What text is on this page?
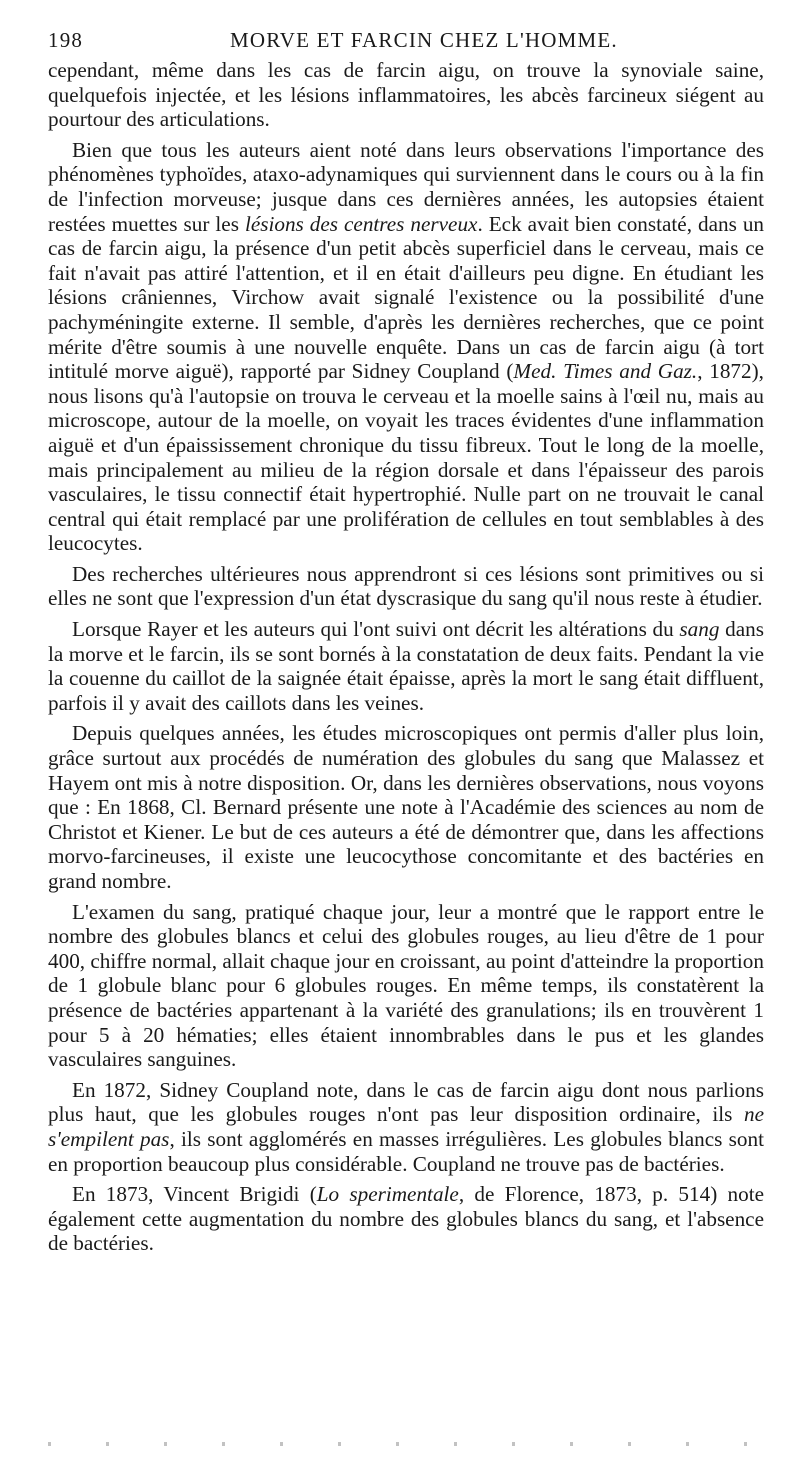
198	MORVE ET FARCIN CHEZ L'HOMME.

cependant, même dans les cas de farcin aigu, on trouve la synoviale saine, quelquefois injectée, et les lésions inflammatoires, les abcès farcineux siégent au pourtour des articulations.

Bien que tous les auteurs aient noté dans leurs observations l'importance des phénomènes typhoïdes, ataxo-adynamiques qui surviennent dans le cours ou à la fin de l'infection morveuse; jusque dans ces dernières années, les autopsies étaient restées muettes sur les lésions des centres nerveux. Eck avait bien constaté, dans un cas de farcin aigu, la présence d'un petit abcès superficiel dans le cerveau, mais ce fait n'avait pas attiré l'attention, et il en était d'ailleurs peu digne. En étudiant les lésions crâniennes, Virchow avait signalé l'existence ou la possibilité d'une pachyméningite externe. Il semble, d'après les dernières recherches, que ce point mérite d'être soumis à une nouvelle enquête. Dans un cas de farcin aigu (à tort intitulé morve aiguë), rapporté par Sidney Coupland (Med. Times and Gaz., 1872), nous lisons qu'à l'autopsie on trouva le cerveau et la moelle sains à l'œil nu, mais au microscope, autour de la moelle, on voyait les traces évidentes d'une inflammation aiguë et d'un épaississement chronique du tissu fibreux. Tout le long de la moelle, mais principalement au milieu de la région dorsale et dans l'épaisseur des parois vasculaires, le tissu connectif était hypertrophié. Nulle part on ne trouvait le canal central qui était remplacé par une prolifération de cellules en tout semblables à des leucocytes.

Des recherches ultérieures nous apprendront si ces lésions sont primitives ou si elles ne sont que l'expression d'un état dyscrasique du sang qu'il nous reste à étudier.

Lorsque Rayer et les auteurs qui l'ont suivi ont décrit les altérations du sang dans la morve et le farcin, ils se sont bornés à la constatation de deux faits. Pendant la vie la couenne du caillot de la saignée était épaisse, après la mort le sang était diffluent, parfois il y avait des caillots dans les veines.

Depuis quelques années, les études microscopiques ont permis d'aller plus loin, grâce surtout aux procédés de numération des globules du sang que Malassez et Hayem ont mis à notre disposition. Or, dans les dernières observations, nous voyons que : En 1868, Cl. Bernard présente une note à l'Académie des sciences au nom de Christot et Kiener. Le but de ces auteurs a été de démontrer que, dans les affections morvo-farcineuses, il existe une leucocythose concomitante et des bactéries en grand nombre.

L'examen du sang, pratiqué chaque jour, leur a montré que le rapport entre le nombre des globules blancs et celui des globules rouges, au lieu d'être de 1 pour 400, chiffre normal, allait chaque jour en croissant, au point d'atteindre la proportion de 1 globule blanc pour 6 globules rouges. En même temps, ils constatèrent la présence de bactéries appartenant à la variété des granulations; ils en trouvèrent 1 pour 5 à 20 hématies; elles étaient innombrables dans le pus et les glandes vasculaires sanguines.

En 1872, Sidney Coupland note, dans le cas de farcin aigu dont nous parlions plus haut, que les globules rouges n'ont pas leur disposition ordinaire, ils ne s'empilent pas, ils sont agglomérés en masses irrégulières. Les globules blancs sont en proportion beaucoup plus considérable. Coupland ne trouve pas de bactéries.

En 1873, Vincent Brigidi (Lo sperimentale, de Florence, 1873, p. 514) note également cette augmentation du nombre des globules blancs du sang, et l'absence de bactéries.
